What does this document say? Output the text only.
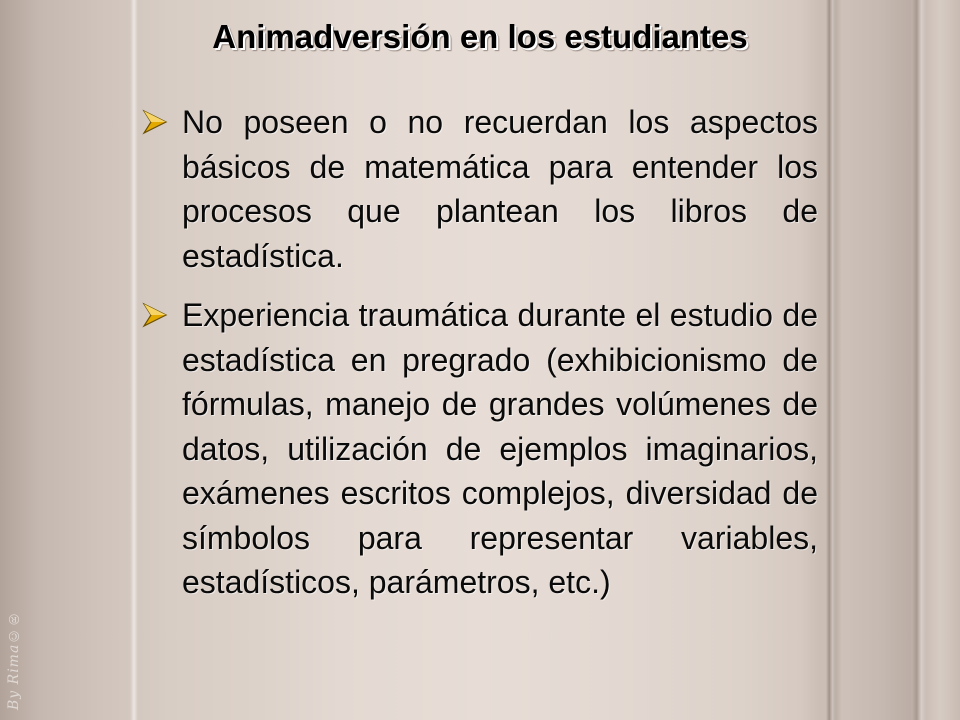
By Rima©®
Animadversión en los estudiantes
No poseen o no recuerdan los aspectos básicos de matemática para entender los procesos que plantean los libros de estadística.
Experiencia traumática durante el estudio de estadística en pregrado (exhibicionismo de fórmulas, manejo de grandes volúmenes de datos, utilización de ejemplos imaginarios, exámenes escritos complejos, diversidad de símbolos para representar variables, estadísticos, parámetros, etc.)
